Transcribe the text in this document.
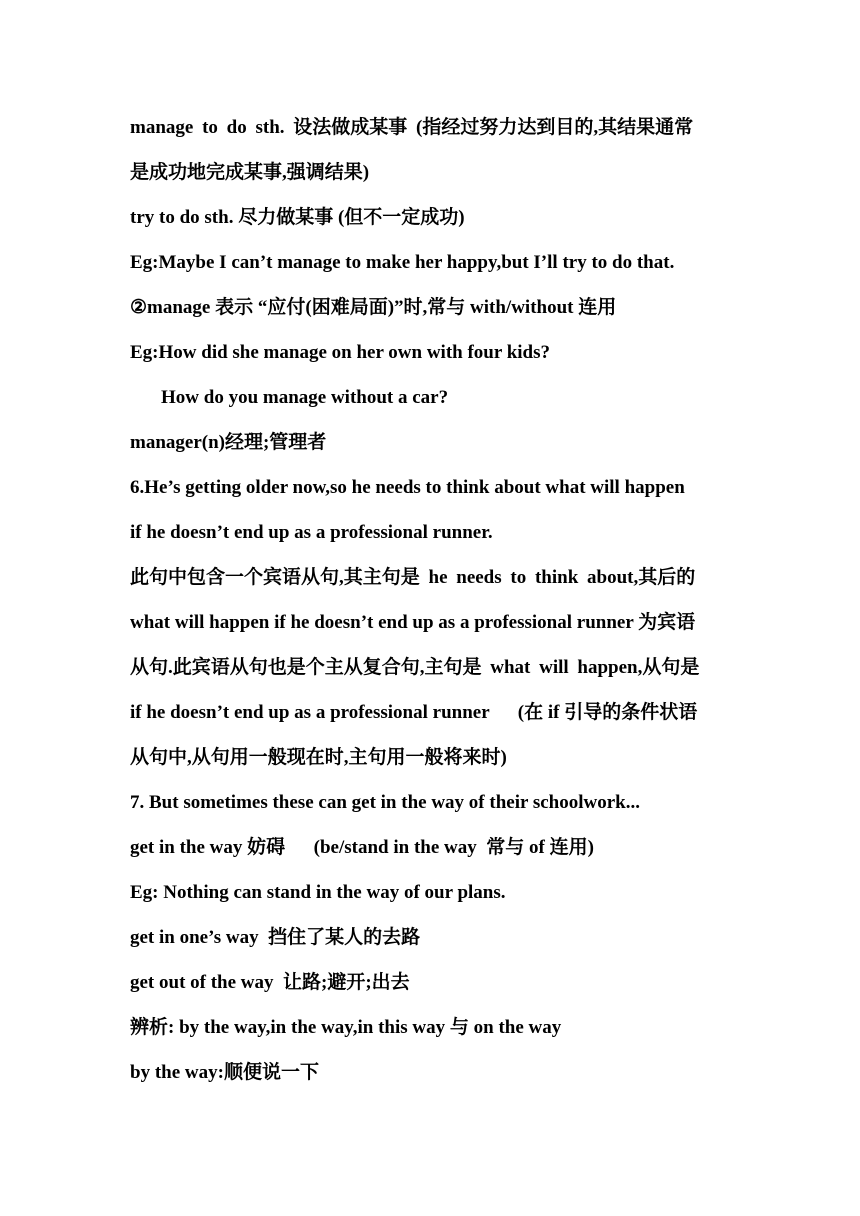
manage to do sth. 设法做成某事 (指经过努力达到目的,其结果通常
是成功地完成某事,强调结果)
try to do sth. 尽力做某事 (但不一定成功)
Eg:Maybe I can’t manage to make her happy,but I’ll try to do that.
②manage 表示 “应付(困难局面)”时,常与 with/without 连用
Eg:How did she manage on her own with four kids?
How do you manage without a car?
manager(n)经理;管理者
6.He’s getting older now,so he needs to think about what will happen
if he doesn’t end up as a professional runner.
此句中包含一个宾语从句,其主句是 he needs to think about,其后的
what will happen if he doesn’t end up as a professional runner 为宾语
从句.此宾语从句也是个主从复合句,主句是 what will happen,从句是
if he doesn’t end up as a professional runner      (在 if 引导的条件状语
从句中,从句用一般现在时,主句用一般将来时)
7. But sometimes these can get in the way of their schoolwork...
get in the way 妨碍      (be/stand in the way  常与 of 连用)
Eg: Nothing can stand in the way of our plans.
get in one’s way  挡住了某人的去路
get out of the way  让路;避开;出去
辨析: by the way,in the way,in this way 与 on the way
by the way:顺便说一下
